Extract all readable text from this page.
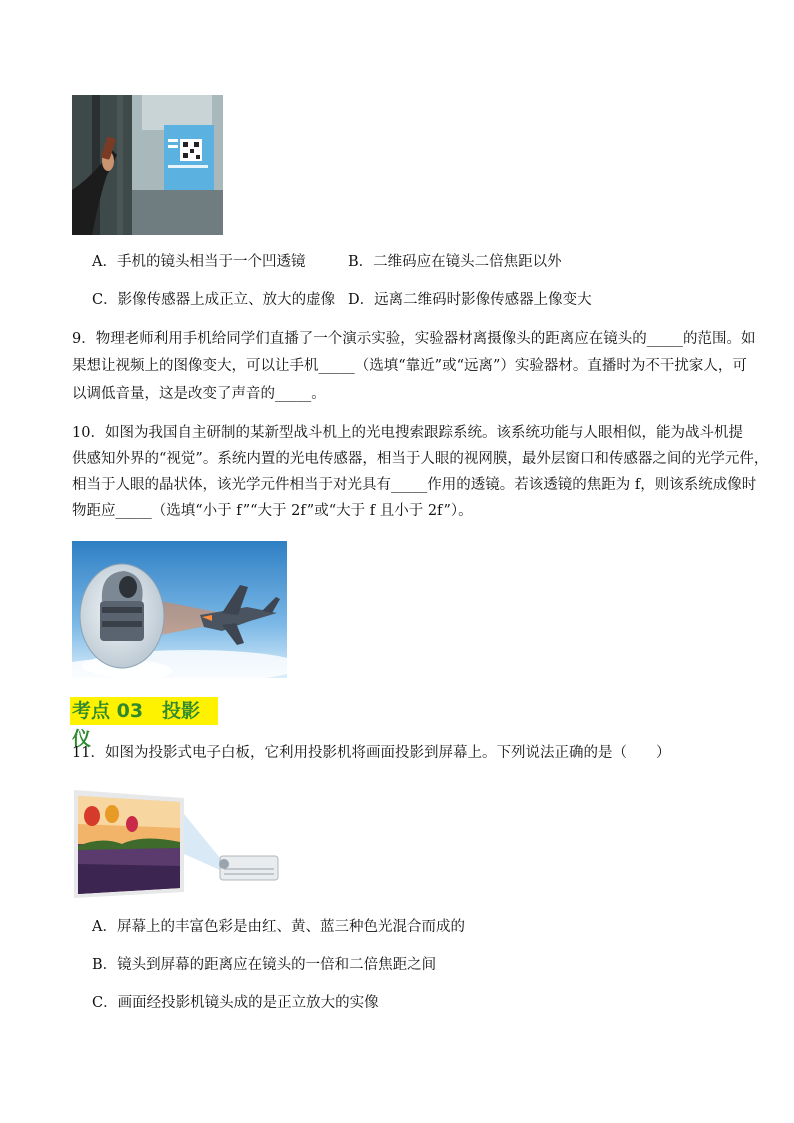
A．手机的镜头相当于一个凹透镜	B．二维码应在镜头二倍焦距以外
C．影像传感器上成正立、放大的虚像 D．远离二维码时影像传感器上像变大
9．物理老师利用手机给同学们直播了一个演示实验，实验器材离摄像头的距离应在镜头的_____的范围。如
果想让视频上的图像变大，可以让手机_____（选填“靠近”或“远离”）实验器材。直播时为不干扰家人，可
以调低音量，这是改变了声音的_____。
10．如图为我国自主研制的某新型战斗机上的光电搜索跟踪系统。该系统功能与人眼相似，能为战斗机提
供感知外界的“视觉”。系统内置的光电传感器，相当于人眼的视网膜，最外层窗口和传感器之间的光学元件，
相当于人眼的晶状体，该光学元件相当于对光具有_____作用的透镜。若该透镜的焦距为 f，则该系统成像时
物距应_____（选填“小于 f”“大于 2f”或“大于 f 且小于 2f”）。
考点 03　投影仪
11．如图为投影式电子白板，它利用投影机将画面投影到屏幕上。下列说法正确的是（　　）
A．屏幕上的丰富色彩是由红、黄、蓝三种色光混合而成的
B．镜头到屏幕的距离应在镜头的一倍和二倍焦距之间
C．画面经投影机镜头成的是正立放大的实像
